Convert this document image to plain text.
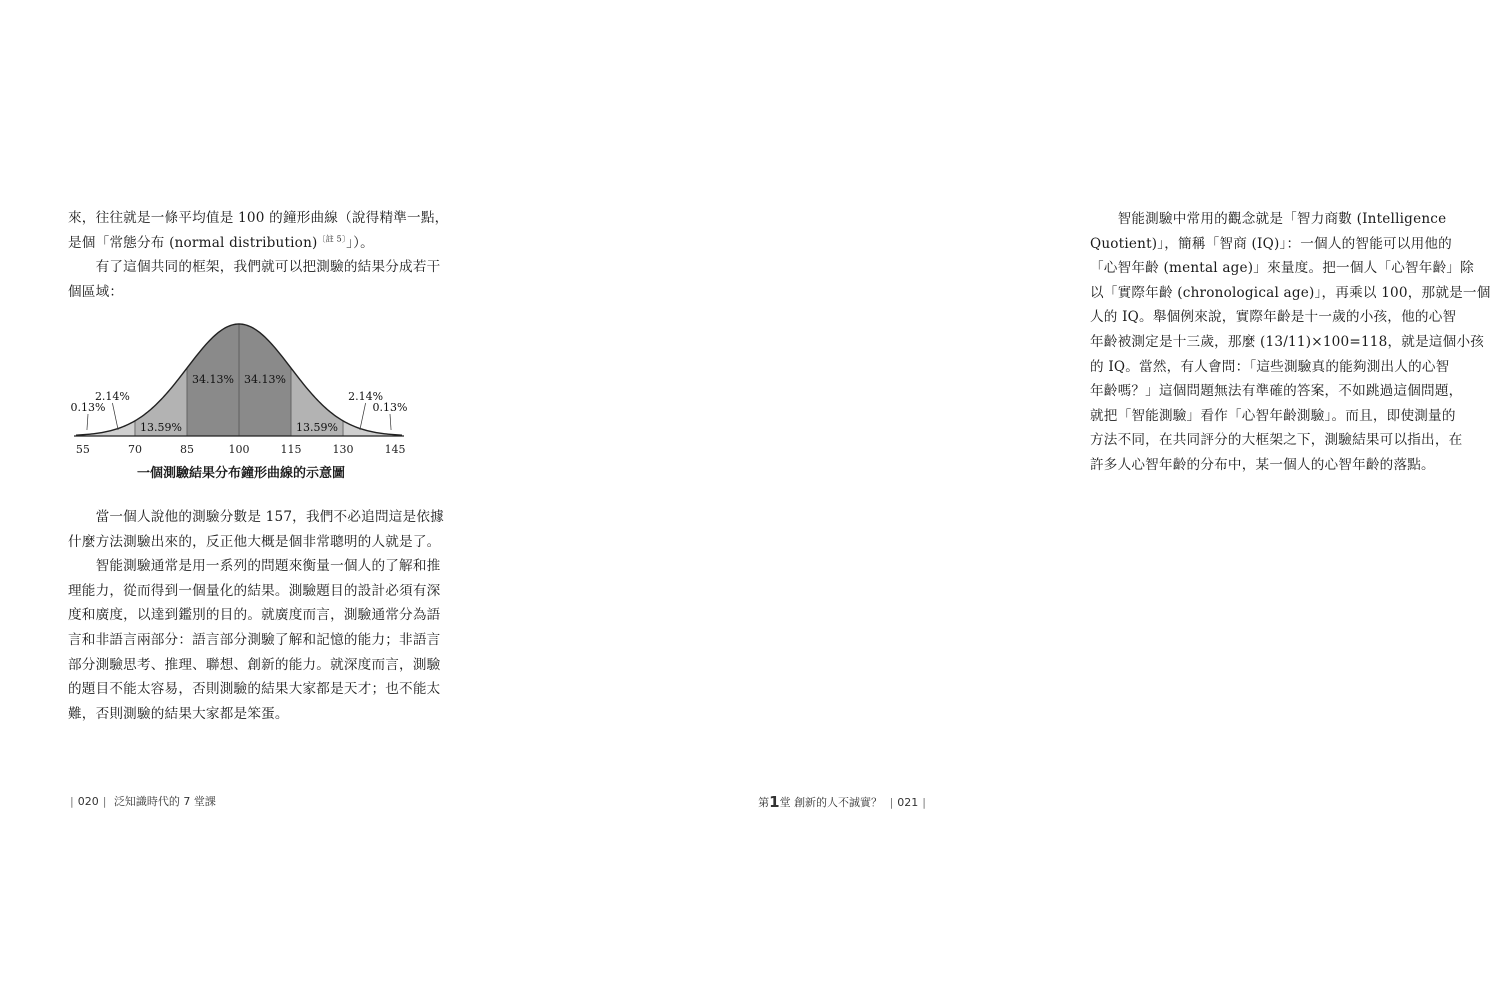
來，往往就是一條平均值是 100 的鐘形曲線（說得精準一點，
是個「常態分布 (normal distribution)$^{〔註 5〕}$」）。
　　有了這個共同的框架，我們就可以把測驗的結果分成若干
個區域：
55	70	85	100	115	130	145
0.13%
2.14%
13.59%
34.13% 34.13%
13.59%
2.14%
0.13%
一個測驗結果分布鐘形曲線的示意圖
　　當一個人說他的測驗分數是 157，我們不必追問這是依據
什麼方法測驗出來的，反正他大概是個非常聰明的人就是了。
　　智能測驗通常是用一系列的問題來衡量一個人的了解和推
理能力，從而得到一個量化的結果。測驗題目的設計必須有深
度和廣度，以達到鑑別的目的。就廣度而言，測驗通常分為語
言和非語言兩部分：語言部分測驗了解和記憶的能力；非語言
部分測驗思考、推理、聯想、創新的能力。就深度而言，測驗
的題目不能太容易，否則測驗的結果大家都是天才；也不能太
難，否則測驗的結果大家都是笨蛋。
| 020 | 泛知識時代的 7 堂課
　　智能測驗中常用的觀念就是「智力商數 (Intelligence
Quotient)」，簡稱「智商 (IQ)」：一個人的智能可以用他的
「心智年齡 (mental age)」來量度。把一個人「心智年齡」除
以「實際年齡 (chronological age)」，再乘以 100，那就是一個
人的 IQ。舉個例來說，實際年齡是十一歲的小孩，他的心智
年齡被測定是十三歲，那麼 (13/11)×100=118，就是這個小孩
的 IQ。當然，有人會問：「這些測驗真的能夠測出人的心智
年齡嗎？」這個問題無法有準確的答案，不如跳過這個問題，
就把「智能測驗」看作「心智年齡測驗」。而且，即使測量的
方法不同，在共同評分的大框架之下，測驗結果可以指出，在
許多人心智年齡的分布中，某一個人的心智年齡的落點。
第1堂 創新的人不誠實？ | 021 |
